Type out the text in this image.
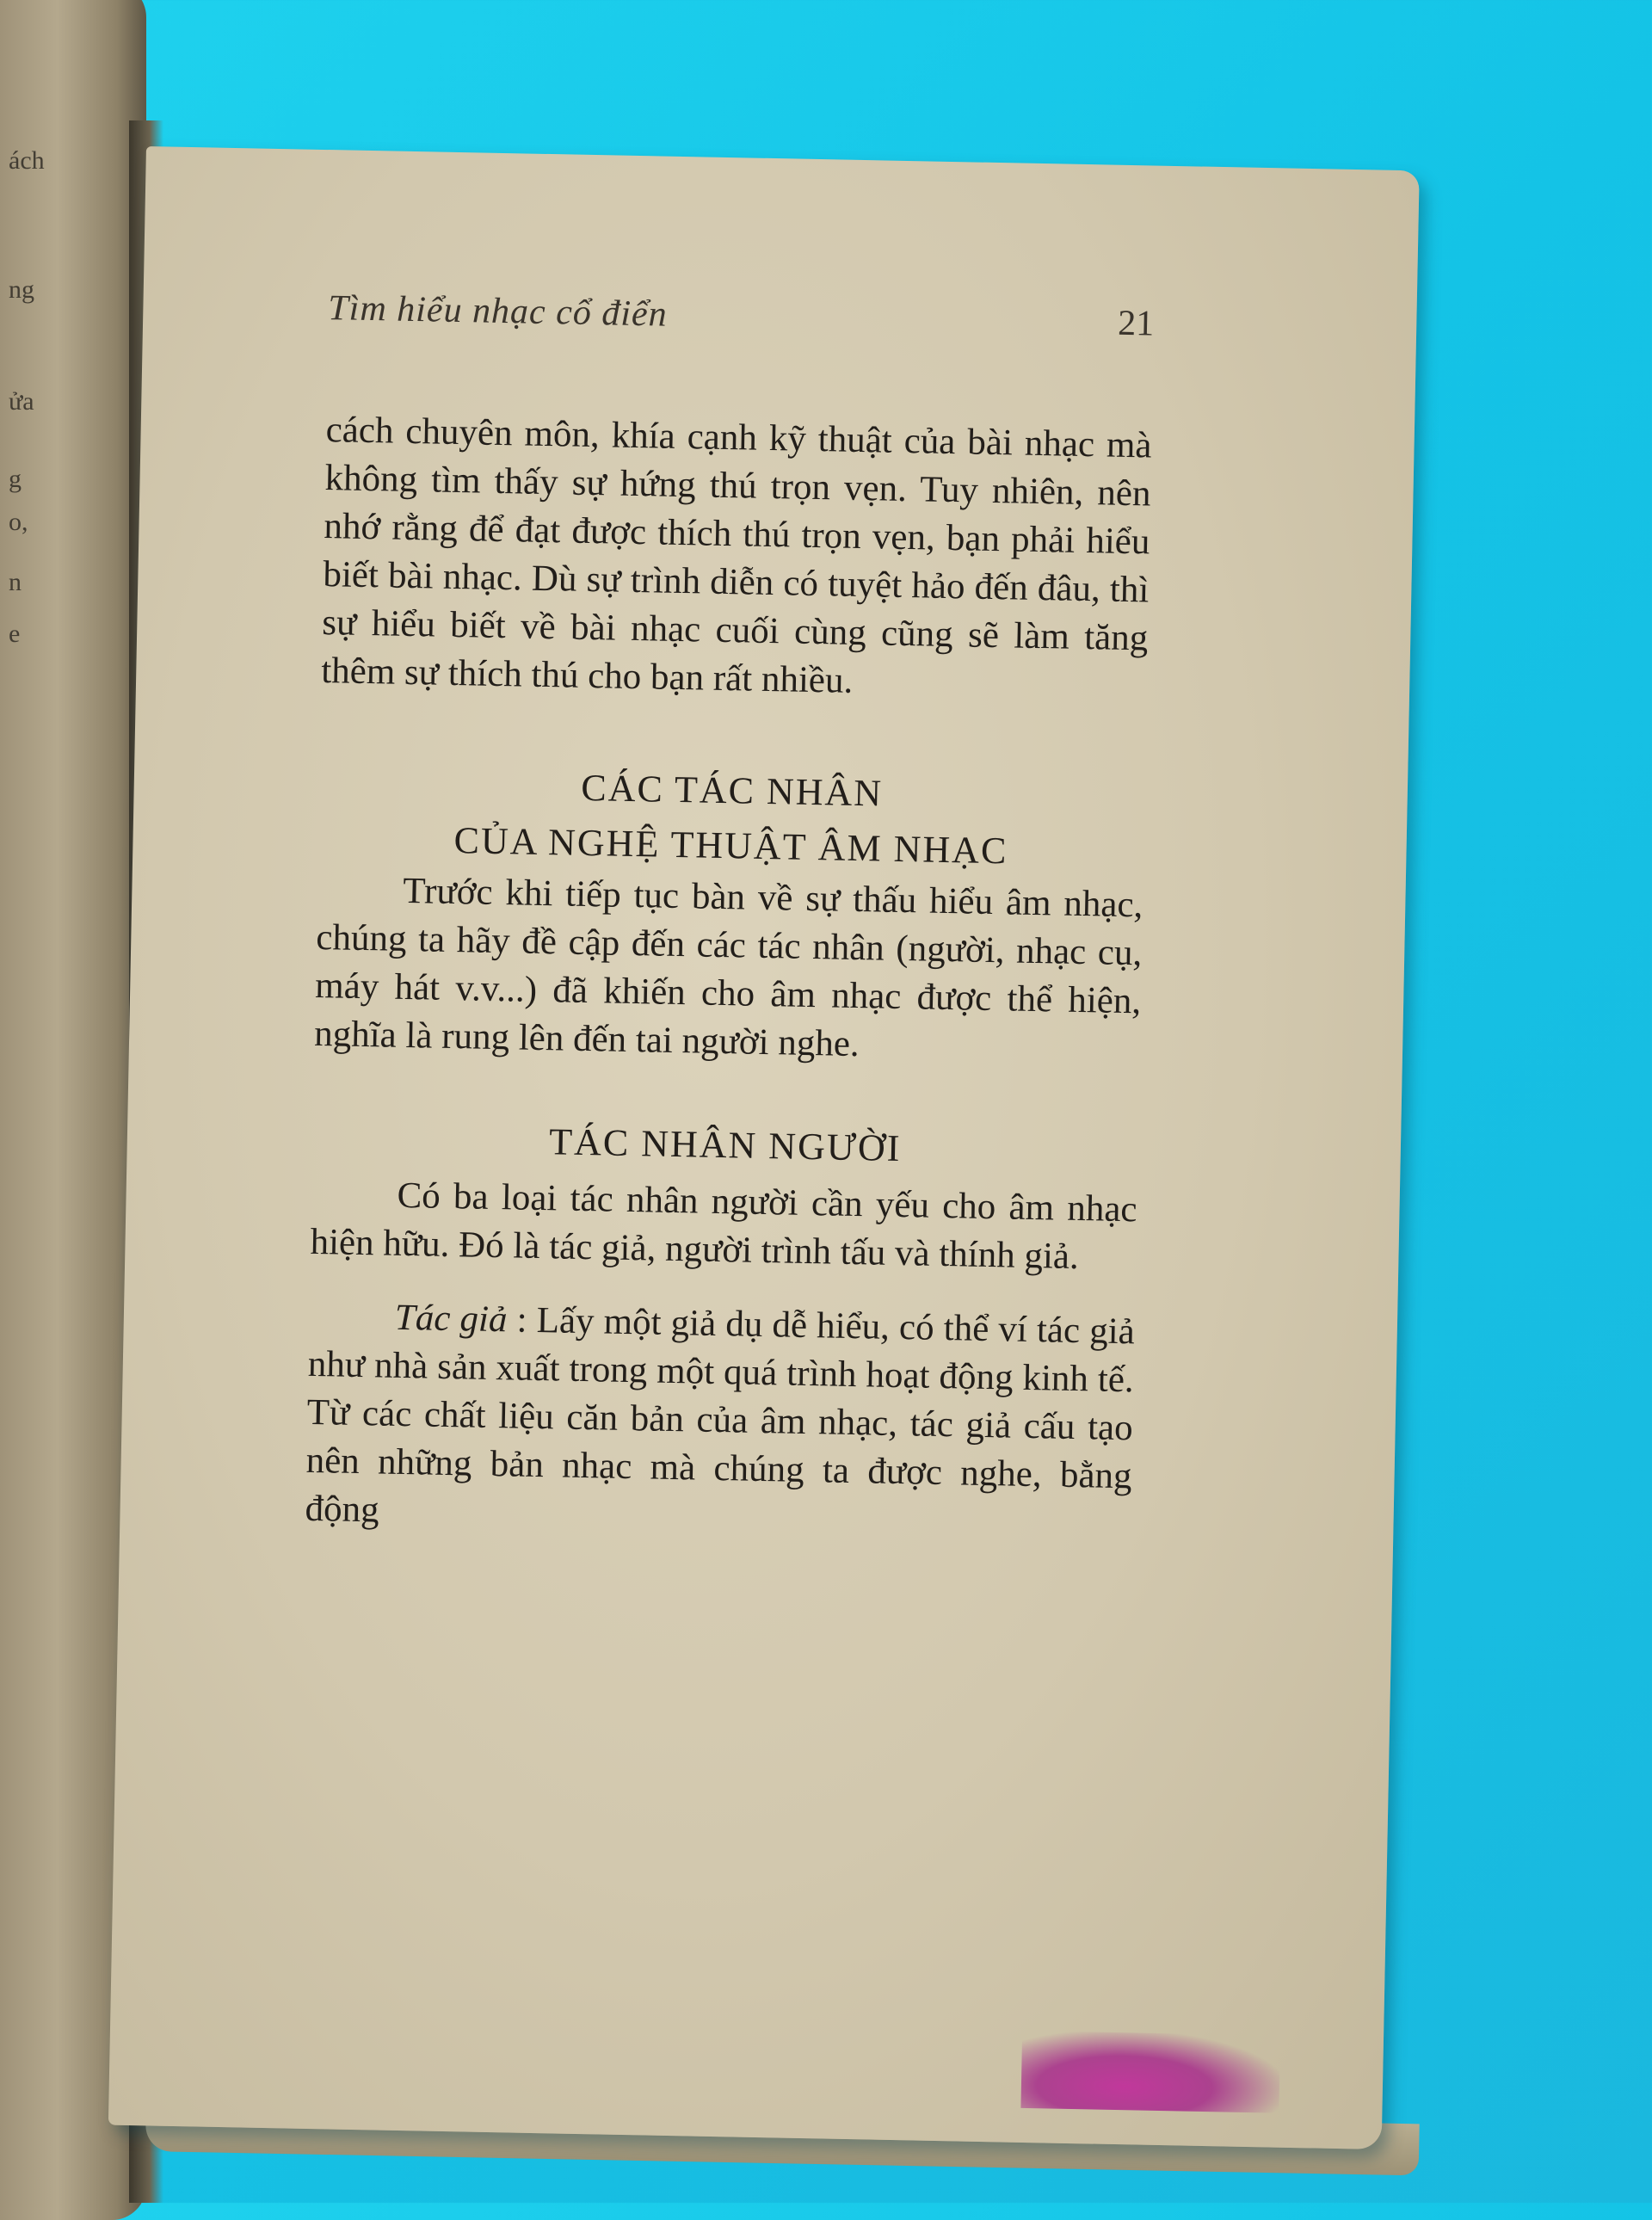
ách
ng
ửa
g
o,
n
e
Tìm hiểu nhạc cổ điển	21

cách chuyên môn, khía cạnh kỹ thuật của bài nhạc mà không tìm thấy sự hứng thú trọn vẹn. Tuy nhiên, nên nhớ rằng để đạt được thích thú trọn vẹn, bạn phải hiểu biết bài nhạc. Dù sự trình diễn có tuyệt hảo đến đâu, thì sự hiểu biết về bài nhạc cuối cùng cũng sẽ làm tăng thêm sự thích thú cho bạn rất nhiều.

CÁC TÁC NHÂN
CỦA NGHỆ THUẬT ÂM NHẠC

Trước khi tiếp tục bàn về sự thấu hiểu âm nhạc, chúng ta hãy đề cập đến các tác nhân (người, nhạc cụ, máy hát v.v...) đã khiến cho âm nhạc được thể hiện, nghĩa là rung lên đến tai người nghe.

TÁC NHÂN NGƯỜI

Có ba loại tác nhân người cần yếu cho âm nhạc hiện hữu. Đó là tác giả, người trình tấu và thính giả.

Tác giả : Lấy một giả dụ dễ hiểu, có thể ví tác giả như nhà sản xuất trong một quá trình hoạt động kinh tế. Từ các chất liệu căn bản của âm nhạc, tác giả cấu tạo nên những bản nhạc mà chúng ta được nghe, bằng động
